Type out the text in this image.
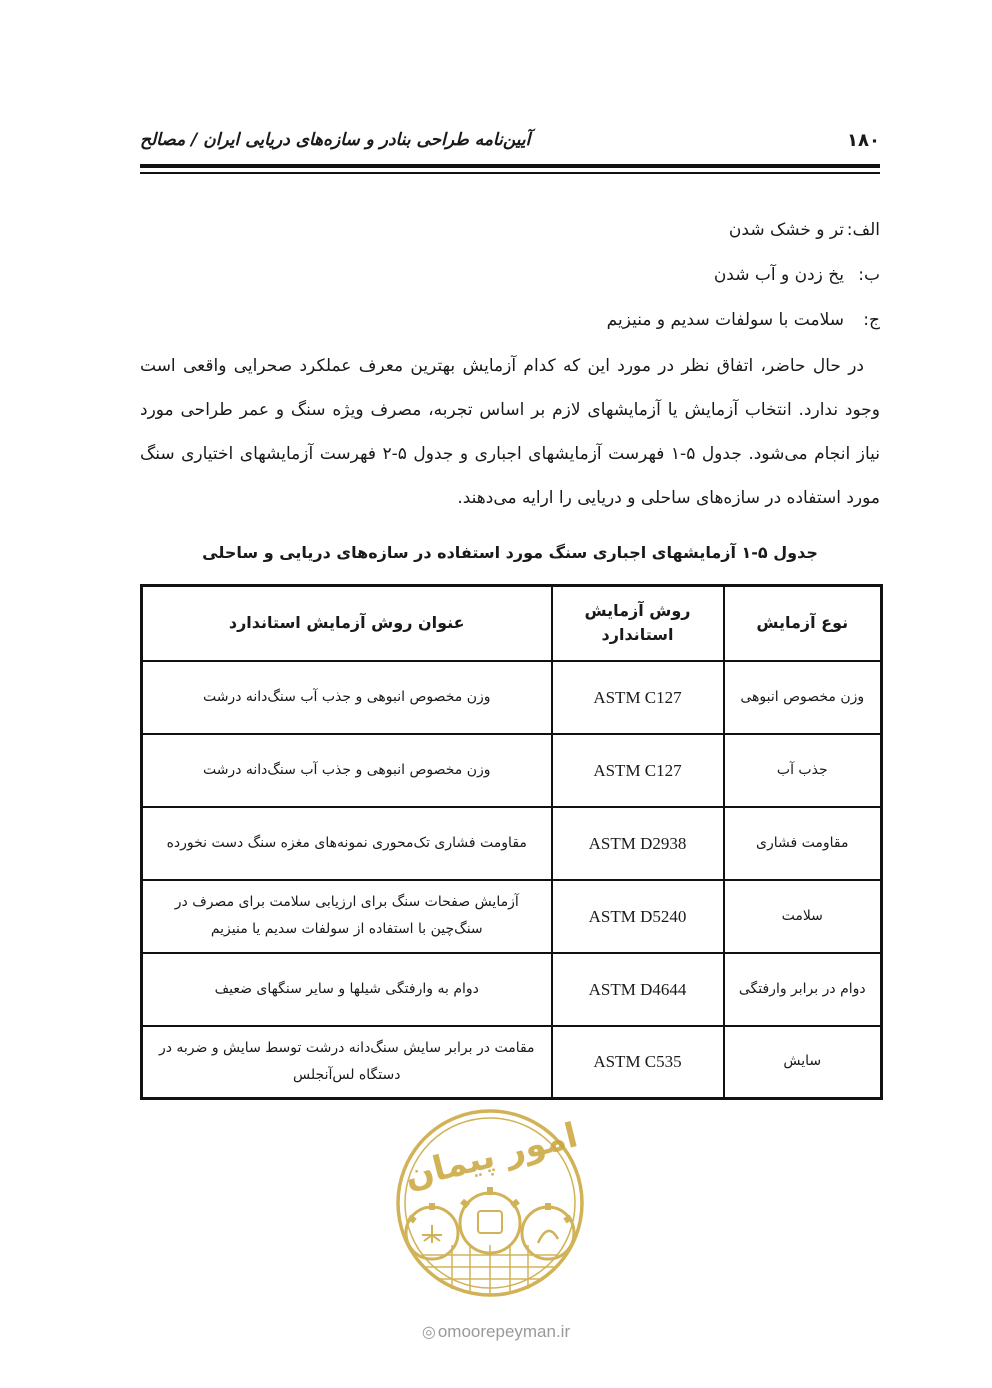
آیین‌نامه طراحی بنادر و سازه‌های دریایی ایران / مصالح	۱۸۰
الف:تر و خشک شدن
ب:یخ زدن و آب شدن
ج:سلامت با سولفات سدیم و منیزیم
در حال حاضر، اتفاق نظر در مورد این که کدام آزمایش بهترین معرف عملکرد صحرایی واقعی است وجود ندارد. انتخاب آزمایش یا آزمایشهای لازم بر اساس تجربه، مصرف ویژه سنگ و عمر طراحی مورد نیاز انجام می‌شود. جدول ۵-۱ فهرست آزمایشهای اجباری و جدول ۵-۲ فهرست آزمایشهای اختیاری سنگ مورد استفاده در سازه‌های ساحلی و دریایی را ارایه می‌دهند.
جدول ۵-۱ آزمایشهای اجباری سنگ مورد استفاده در سازه‌های دریایی و ساحلی
نوع آزمایش	روش آزمایش استاندارد	عنوان روش آزمایش استاندارد
وزن مخصوص انبوهی	ASTM C127	وزن مخصوص انبوهی و جذب آب سنگ‌دانه درشت
جذب آب	ASTM C127	وزن مخصوص انبوهی و جذب آب سنگ‌دانه درشت
مقاومت فشاری	ASTM D2938	مقاومت فشاری تک‌محوری نمونه‌های مغزه سنگ دست نخورده
سلامت	ASTM D5240	آزمایش صفحات سنگ برای ارزیابی سلامت برای مصرف در سنگ‌چین با استفاده از سولفات سدیم یا منیزیم
دوام در برابر وارفتگی	ASTM D4644	دوام به وارفتگی شیلها و سایر سنگهای ضعیف
سایش	ASTM C535	مقامت در برابر سایش سنگ‌دانه درشت توسط سایش و ضربه در دستگاه لس‌آنجلس
امور پیمان
◎ omoorepeyman.ir
